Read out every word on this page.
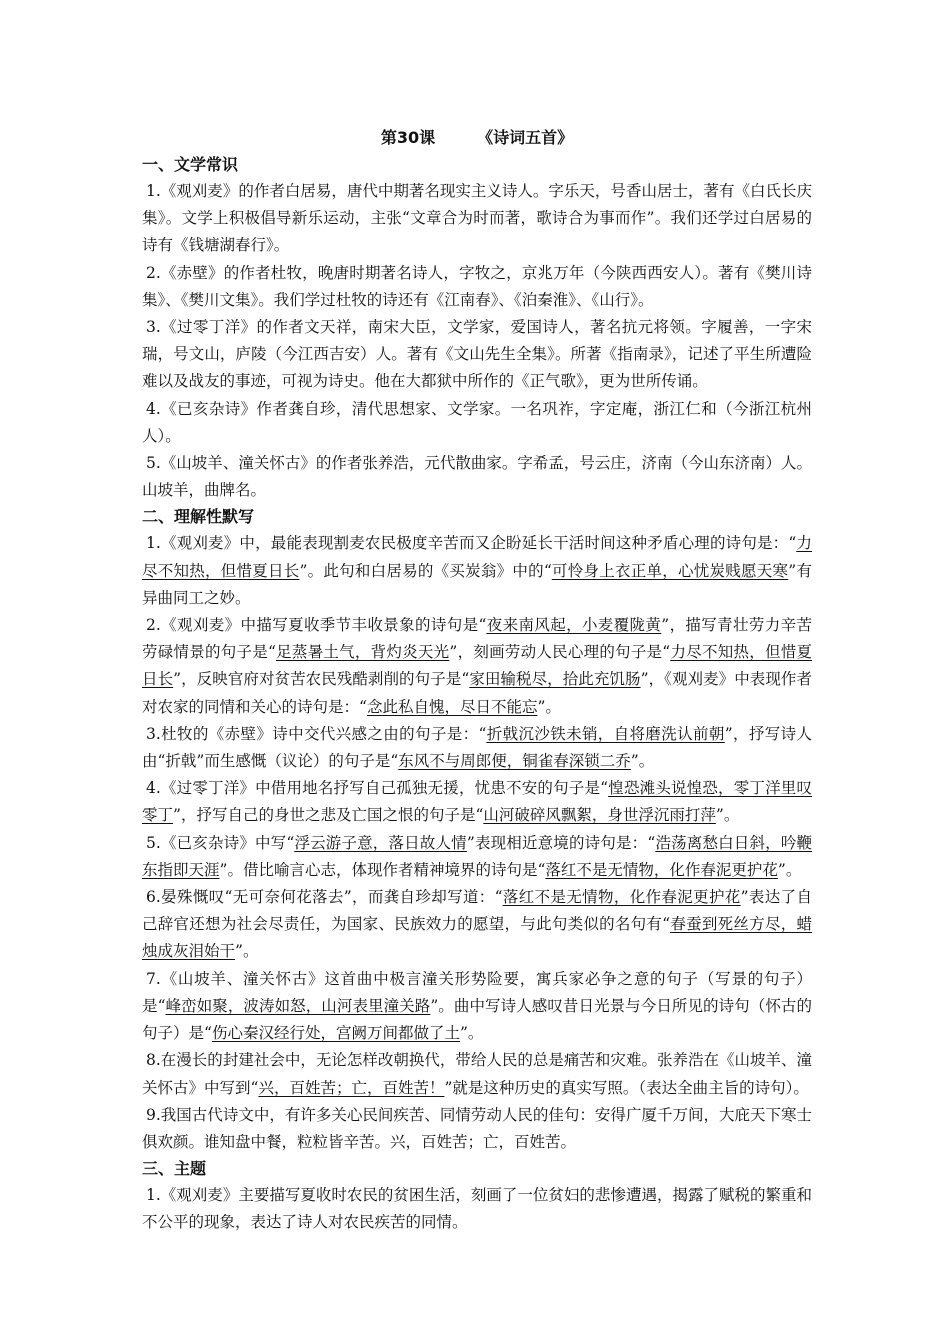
第30课	《诗词五首》
一、文学常识

1.《观刈麦》的作者白居易，唐代中期著名现实主义诗人。字乐天，号香山居士，著有《白氏长庆集》。文学上积极倡导新乐运动，主张“文章合为时而著，歌诗合为事而作”。我们还学过白居易的诗有《钱塘湖春行》。

2.《赤壁》的作者杜牧，晚唐时期著名诗人，字牧之，京兆万年（今陕西西安人）。著有《樊川诗集》、《樊川文集》。我们学过杜牧的诗还有《江南春》、《泊秦淮》、《山行》。

3.《过零丁洋》的作者文天祥，南宋大臣，文学家，爱国诗人，著名抗元将领。字履善，一字宋瑞，号文山，庐陵（今江西吉安）人。著有《文山先生全集》。所著《指南录》，记述了平生所遭险难以及战友的事迹，可视为诗史。他在大都狱中所作的《正气歌》，更为世所传诵。

4.《已亥杂诗》作者龚自珍，清代思想家、文学家。一名巩祚，字定庵，浙江仁和（今浙江杭州人）。

5.《山坡羊、潼关怀古》的作者张养浩，元代散曲家。字希孟，号云庄，济南（今山东济南）人。山坡羊，曲牌名。

二、理解性默写

1.《观刈麦》中，最能表现割麦农民极度辛苦而又企盼延长干活时间这种矛盾心理的诗句是：“力尽不知热，但惜夏日长”。此句和白居易的《买炭翁》中的“可怜身上衣正单，心忧炭贱愿天寒”有异曲同工之妙。

2.《观刈麦》中描写夏收季节丰收景象的诗句是“夜来南风起，小麦覆陇黄”，描写青壮劳力辛苦劳碌情景的句子是“足蒸暑土气，背灼炎天光”，刻画劳动人民心理的句子是“力尽不知热，但惜夏日长”，反映官府对贫苦农民残酷剥削的句子是“家田输税尽，拾此充饥肠”，《观刈麦》中表现作者对农家的同情和关心的诗句是：“念此私自愧，尽日不能忘”。

3.杜牧的《赤壁》诗中交代兴感之由的句子是：“折戟沉沙铁未销，自将磨洗认前朝”，抒写诗人由“折戟”而生感慨（议论）的句子是“东风不与周郎便，铜雀春深锁二乔”。

4.《过零丁洋》中借用地名抒写自己孤独无援，忧患不安的句子是“惶恐滩头说惶恐，零丁洋里叹零丁”，抒写自己的身世之悲及亡国之恨的句子是“山河破碎风飘絮，身世浮沉雨打萍”。

5.《已亥杂诗》中写“浮云游子意，落日故人情”表现相近意境的诗句是：“浩荡离愁白日斜，吟鞭东指即天涯”。借比喻言心志，体现作者精神境界的诗句是“落红不是无情物，化作春泥更护花”。

6.晏殊慨叹“无可奈何花落去”，而龚自珍却写道：“落红不是无情物，化作春泥更护花”表达了自己辞官还想为社会尽责任，为国家、民族效力的愿望，与此句类似的名句有“春蚕到死丝方尽，蜡烛成灰泪始干”。

7.《山坡羊、潼关怀古》这首曲中极言潼关形势险要，寓兵家必争之意的句子（写景的句子）是“峰峦如聚，波涛如怒，山河表里潼关路”。曲中写诗人感叹昔日光景与今日所见的诗句（怀古的句子）是“伤心秦汉经行处，宫阙万间都做了土”。

8.在漫长的封建社会中，无论怎样改朝换代，带给人民的总是痛苦和灾难。张养浩在《山坡羊、潼关怀古》中写到“兴，百姓苦；亡，百姓苦！”就是这种历史的真实写照。（表达全曲主旨的诗句）。

9.我国古代诗文中，有许多关心民间疾苦、同情劳动人民的佳句：安得广厦千万间，大庇天下寒士俱欢颜。谁知盘中餐，粒粒皆辛苦。兴，百姓苦；亡，百姓苦。

三、主题

1.《观刈麦》主要描写夏收时农民的贫困生活，刻画了一位贫妇的悲惨遭遇，揭露了赋税的繁重和不公平的现象，表达了诗人对农民疾苦的同情。
